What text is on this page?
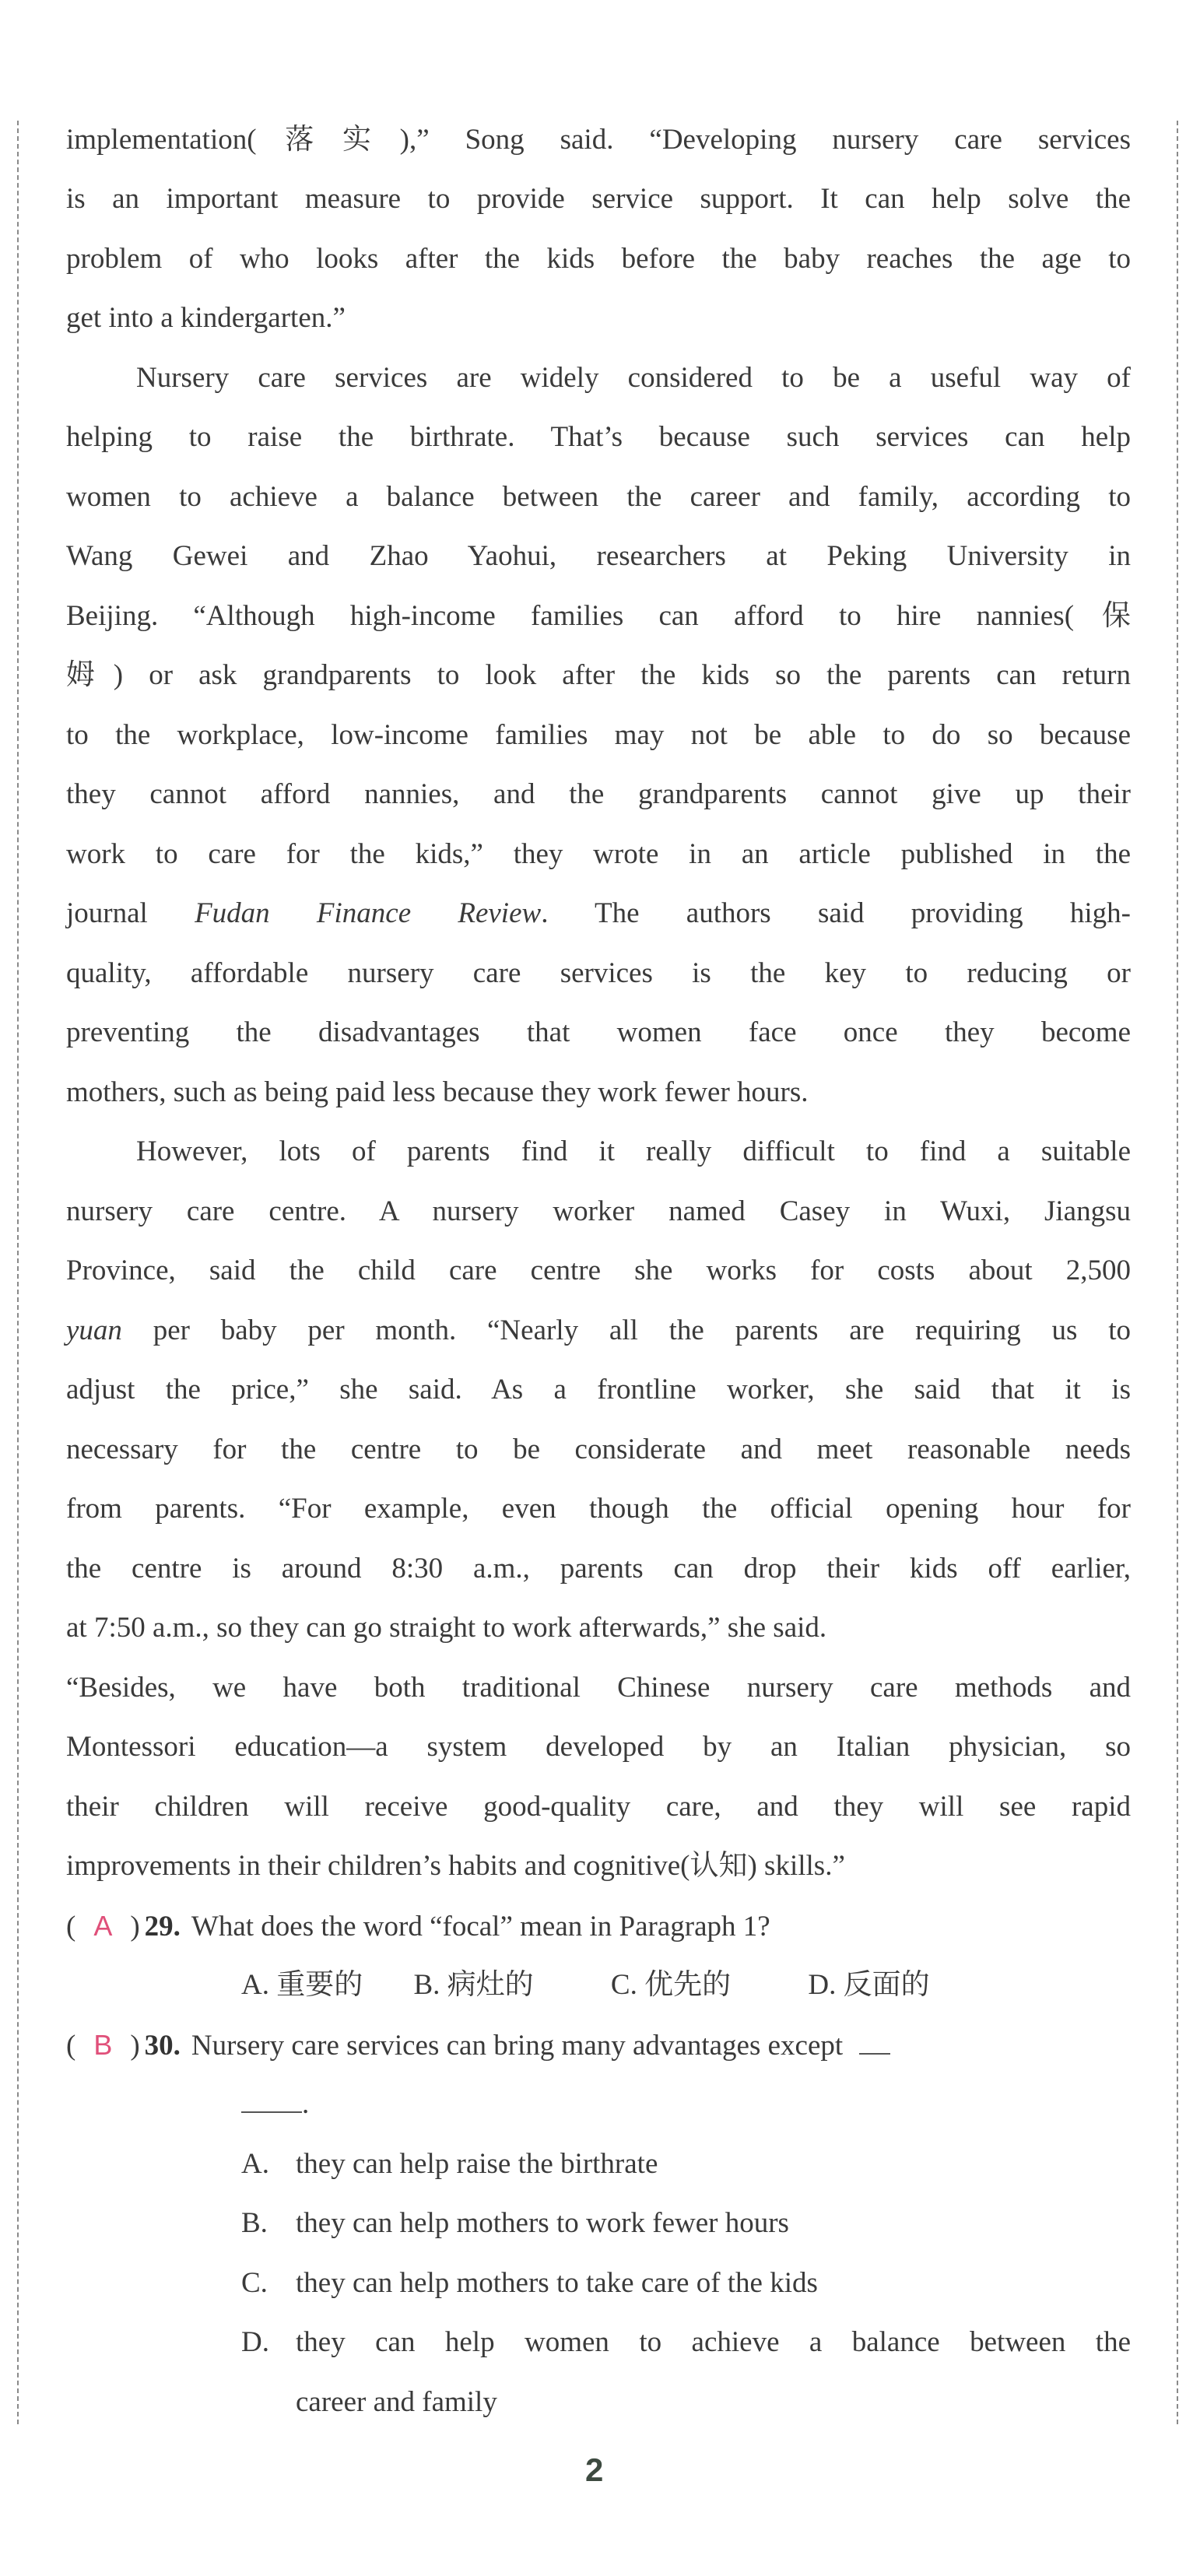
implementation(落实),” Song said. “Developing nursery care services
is an important measure to provide service support. It can help solve the
problem of who looks after the kids before the baby reaches the age to
get into a kindergarten.”
Nursery care services are widely considered to be a useful way of
helping to raise the birthrate. That’s because such services can help
women to achieve a balance between the career and family, according to
Wang Gewei and Zhao Yaohui, researchers at Peking University in
Beijing. “Although high-income families can afford to hire nannies(保
姆) or ask grandparents to look after the kids so the parents can return
to the workplace, low-income families may not be able to do so because
they cannot afford nannies, and the grandparents cannot give up their
work to care for the kids,” they wrote in an article published in the
journal Fudan Finance Review. The authors said providing high-
quality, affordable nursery care services is the key to reducing or
preventing the disadvantages that women face once they become
mothers, such as being paid less because they work fewer hours.
However, lots of parents find it really difficult to find a suitable
nursery care centre. A nursery worker named Casey in Wuxi, Jiangsu
Province, said the child care centre she works for costs about 2,500
yuan per baby per month. “Nearly all the parents are requiring us to
adjust the price,” she said. As a frontline worker, she said that it is
necessary for the centre to be considerate and meet reasonable needs
from parents. “For example, even though the official opening hour for
the centre is around 8:30 a.m., parents can drop their kids off earlier,
at 7:50 a.m., so they can go straight to work afterwards,” she said.
“Besides, we have both traditional Chinese nursery care methods and
Montessori education—a system developed by an Italian physician, so
their children will receive good-quality care, and they will see rapid
improvements in their children’s habits and cognitive(认知) skills.”
( A ) 29. What does the word “focal” mean in Paragraph 1?
A. 重要的 B. 病灶的	C. 优先的	D. 反面的
( B ) 30. Nursery care services can bring many advantages except
.
A. they can help raise the birthrate
B. they can help mothers to work fewer hours
C. they can help mothers to take care of the kids
D. they can help women to achieve a balance between the
career and family
2
